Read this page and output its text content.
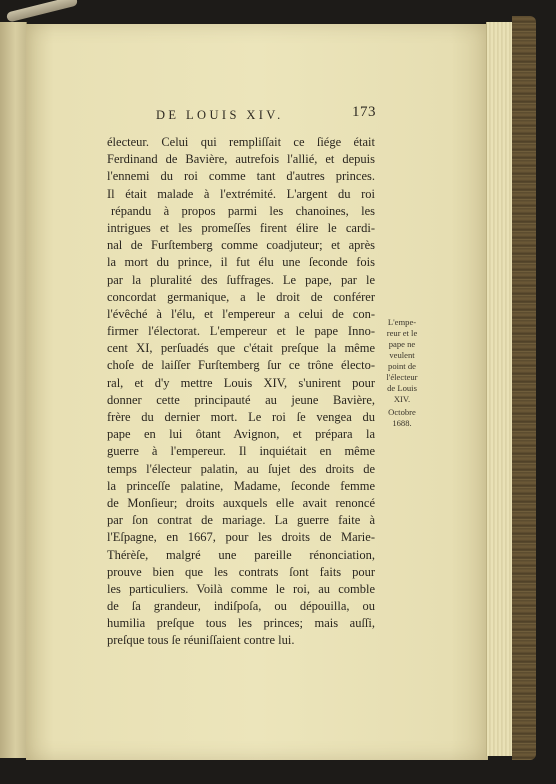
DE LOUIS XIV.	173
électeur. Celui qui rempliſſait ce ſiége était
Ferdinand de Bavière, autrefois l'allié, et depuis
l'ennemi du roi comme tant d'autres princes.
Il était malade à l'extrémité. L'argent du roi
répandu à propos parmi les chanoines, les
intrigues et les promeſſes firent élire le cardi-
nal de Furſtemberg comme coadjuteur; et après
la mort du prince, il fut élu une ſeconde fois
par la pluralité des ſuffrages. Le pape, par le
concordat germanique, a le droit de conférer
l'évêché à l'élu, et l'empereur a celui de con-
firmer l'électorat. L'empereur et le pape Inno-
cent XI, perſuadés que c'était preſque la même
choſe de laiſſer Furſtemberg ſur ce trône électo-
ral, et d'y mettre Louis XIV, s'unirent pour
donner cette principauté au jeune Bavière,
frère du dernier mort. Le roi ſe vengea du
pape en lui ôtant Avignon, et prépara la
guerre à l'empereur. Il inquiétait en même
temps l'électeur palatin, au ſujet des droits de
la princeſſe palatine, Madame, ſeconde femme
de Monſieur; droits auxquels elle avait renoncé
par ſon contrat de mariage. La guerre faite à
l'Eſpagne, en 1667, pour les droits de Marie-
Thérèſe, malgré une pareille rénonciation,
prouve bien que les contrats ſont faits pour
les particuliers. Voilà comme le roi, au comble
de ſa grandeur, indiſpoſa, ou dépouilla, ou
humilia preſque tous les princes; mais auſſi,
preſque tous ſe réuniſſaient contre lui.
L'empe-
reur et le
pape ne
veulent
point de
l'électeur
de Louis
XIV.
Octobre
1688.
